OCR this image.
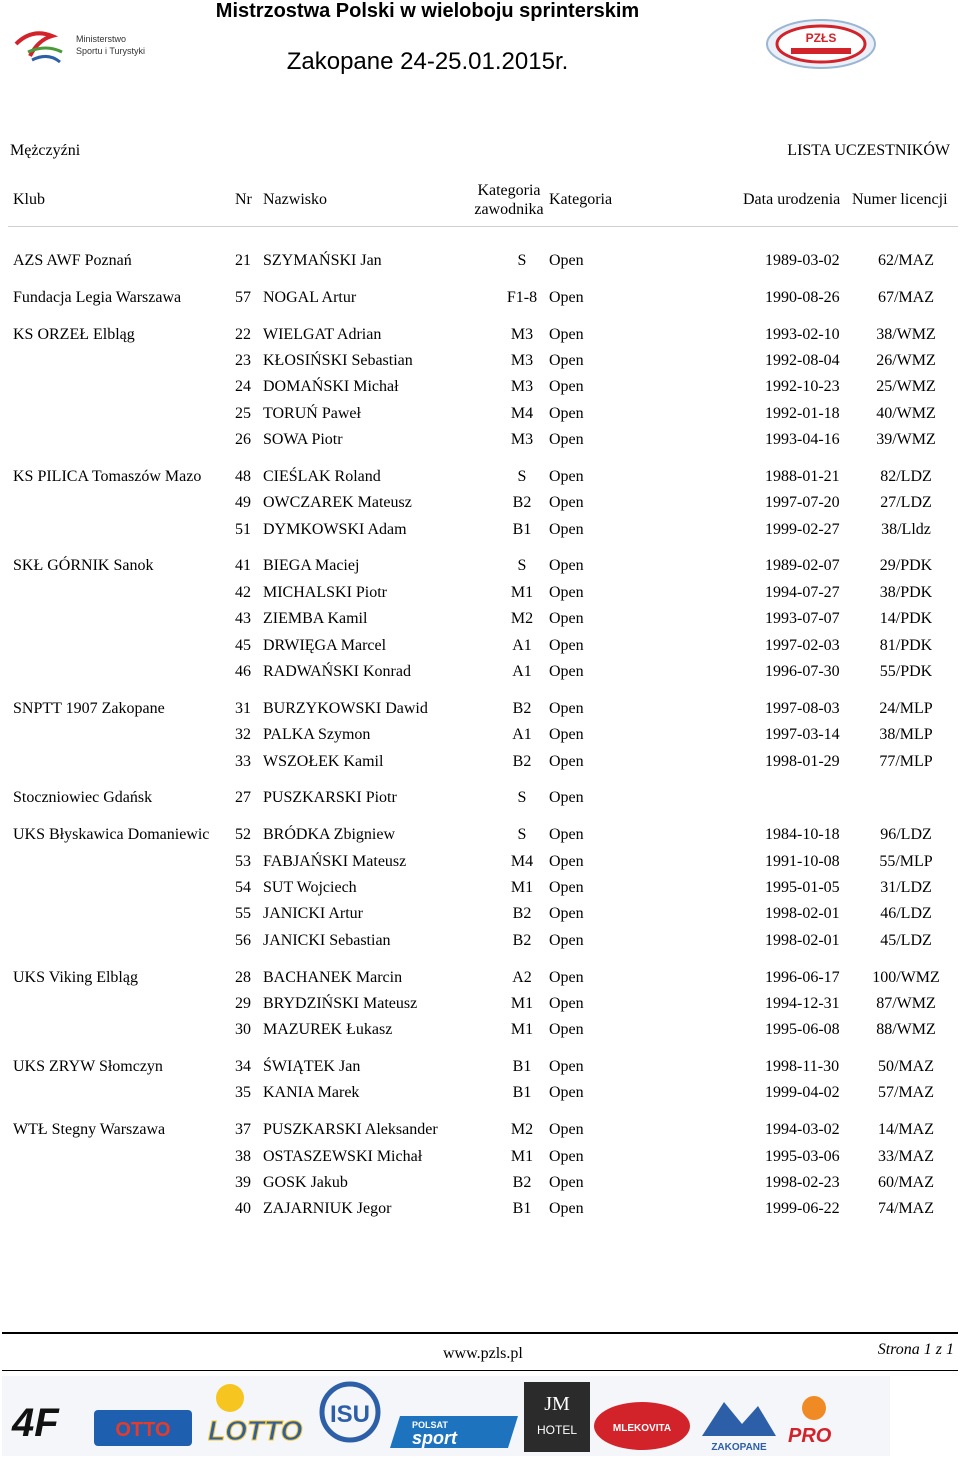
Mistrzostwa Polski w wieloboju sprinterskim
Zakopane 24-25.01.2015r.
Ministerstwo
Sportu i Turystyki
PZŁS
Mężczyźni	LISTA UCZESTNIKÓW
Klub	Nr Nazwisko
Kategoria
zawodnika
Kategoria	Data urodzenia Numer licencji
AZS AWF Poznań	21 SZYMAŃSKI Jan	S	Open	1989-03-02	62/MAZ
Fundacja Legia Warszawa	57 NOGAL Artur	F1-8 Open	1990-08-26	67/MAZ
KS ORZEŁ Elbląg	22 WIELGAT Adrian	M3 Open	1993-02-10	38/WMZ
23 KŁOSIŃSKI Sebastian	M3 Open	1992-08-04	26/WMZ
24 DOMAŃSKI Michał	M3 Open	1992-10-23	25/WMZ
25 TORUŃ Paweł	M4 Open	1992-01-18	40/WMZ
26 SOWA Piotr	M3 Open	1993-04-16	39/WMZ
KS PILICA Tomaszów Mazo 48 CIEŚLAK Roland	S	Open	1988-01-21	82/LDZ
49 OWCZAREK Mateusz	B2	Open	1997-07-20	27/LDZ
51 DYMKOWSKI Adam	B1	Open	1999-02-27	38/Lldz
SKŁ GÓRNIK Sanok	41 BIEGA Maciej	S	Open	1989-02-07	29/PDK
42 MICHALSKI Piotr	M1 Open	1994-07-27	38/PDK
43 ZIEMBA Kamil	M2 Open	1993-07-07	14/PDK
45 DRWIĘGA Marcel	A1	Open	1997-02-03	81/PDK
46 RADWAŃSKI Konrad	A1	Open	1996-07-30	55/PDK
SNPTT 1907 Zakopane	31 BURZYKOWSKI Dawid	B2	Open	1997-08-03	24/MLP
32 PALKA Szymon	A1	Open	1997-03-14	38/MLP
33 WSZOŁEK Kamil	B2	Open	1998-01-29	77/MLP
Stoczniowiec Gdańsk	27 PUSZKARSKI Piotr	S	Open
UKS Błyskawica Domaniewic 52 BRÓDKA Zbigniew	S	Open	1984-10-18	96/LDZ
53 FABJAŃSKI Mateusz	M4 Open	1991-10-08	55/MLP
54 SUT Wojciech	M1 Open	1995-01-05	31/LDZ
55 JANICKI Artur	B2	Open	1998-02-01	46/LDZ
56 JANICKI Sebastian	B2	Open	1998-02-01	45/LDZ
UKS Viking Elbląg	28 BACHANEK Marcin	A2	Open	1996-06-17	100/WMZ
29 BRYDZIŃSKI Mateusz	M1 Open	1994-12-31	87/WMZ
30 MAZUREK Łukasz	M1 Open	1995-06-08	88/WMZ
UKS ZRYW Słomczyn	34 ŚWIĄTEK Jan	B1	Open	1998-11-30	50/MAZ
35 KANIA Marek	B1	Open	1999-04-02	57/MAZ
WTŁ Stegny Warszawa	37 PUSZKARSKI Aleksander	M2 Open	1994-03-02	14/MAZ
38 OSTASZEWSKI Michał	M1 Open	1995-03-06	33/MAZ
39 GOSK Jakub	B2	Open	1998-02-23	60/MAZ
40 ZAJARNIUK Jegor	B1	Open	1999-06-22	74/MAZ
www.pzls.pl	Strona 1 z 1
4F	OTTO LOTTO
ISU	POLSAT
sport
JM
HOTEL	MLEKOVITA
ZAKOPANE
PRO
